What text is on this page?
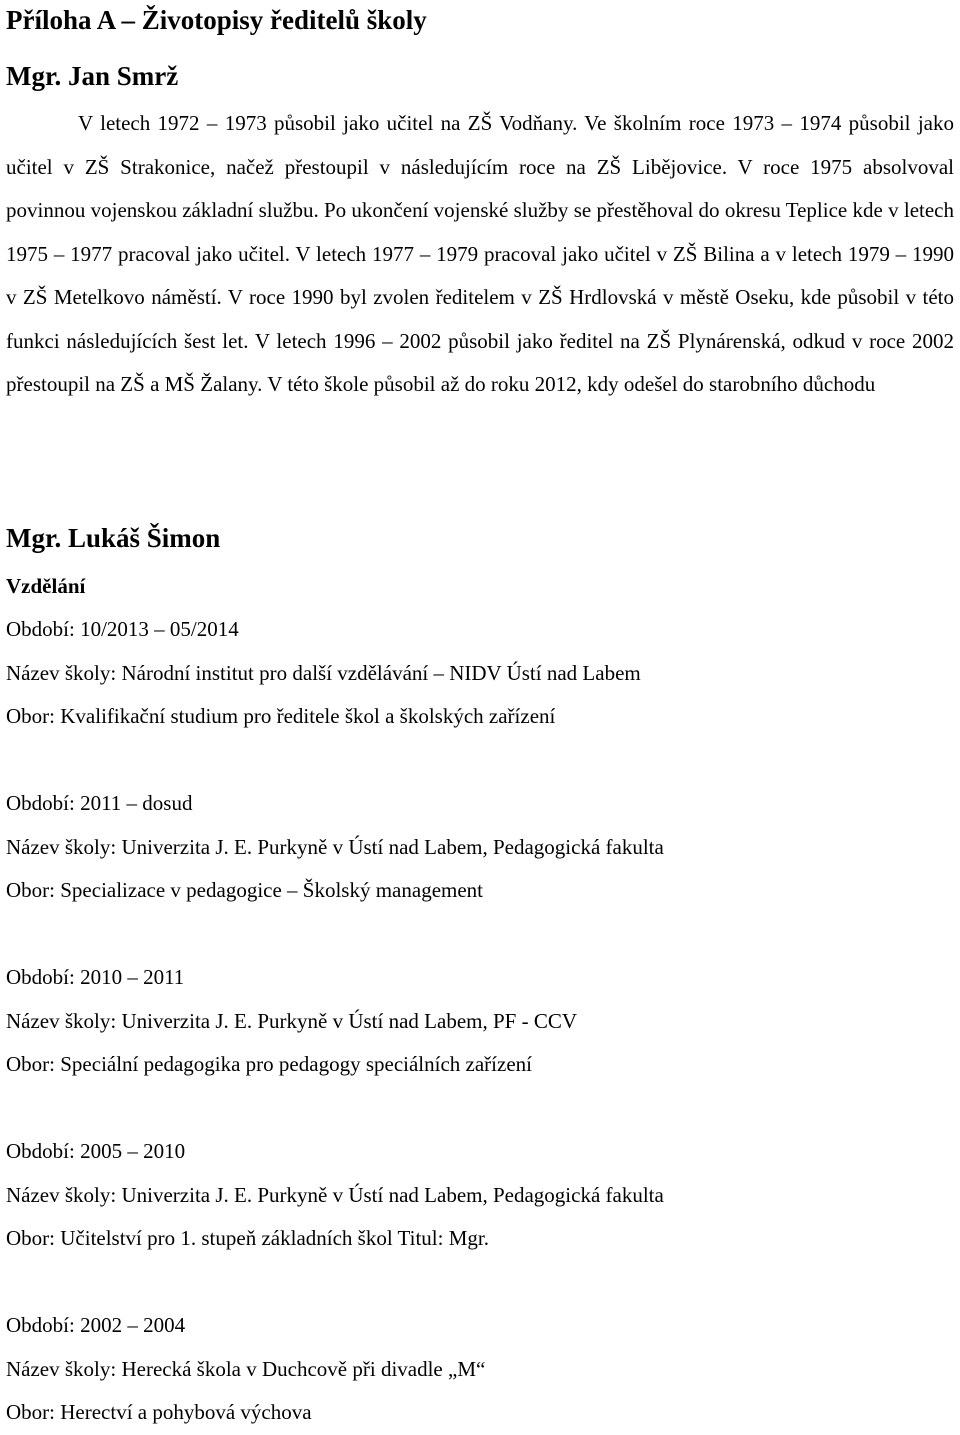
Příloha A – Životopisy ředitelů školy
Mgr. Jan Smrž

V letech 1972 – 1973 působil jako učitel na ZŠ Vodňany. Ve školním roce 1973 – 1974 působil jako učitel v ZŠ Strakonice, načež přestoupil v následujícím roce na ZŠ Libějovice. V roce 1975 absolvoval povinnou vojenskou základní službu. Po ukončení vojenské služby se přestěhoval do okresu Teplice kde v letech 1975 – 1977 pracoval jako učitel. V letech 1977 – 1979 pracoval jako učitel v ZŠ Bilina a v letech 1979 – 1990 v ZŠ Metelkovo náměstí. V roce 1990 byl zvolen ředitelem v ZŠ Hrdlovská v městě Oseku, kde působil v této funkci následujících šest let. V letech 1996 – 2002 působil jako ředitel na ZŠ Plynárenská, odkud v roce 2002 přestoupil na ZŠ a MŠ Žalany. V této škole působil až do roku 2012, kdy odešel do starobního důchodu

Mgr. Lukáš Šimon
Vzdělání
Období: 10/2013 – 05/2014
Název školy: Národní institut pro další vzdělávání – NIDV Ústí nad Labem
Obor: Kvalifikační studium pro ředitele škol a školských zařízení
Období: 2011 – dosud
Název školy: Univerzita J. E. Purkyně v Ústí nad Labem, Pedagogická fakulta
Obor: Specializace v pedagogice – Školský management
Období: 2010 – 2011
Název školy: Univerzita J. E. Purkyně v Ústí nad Labem, PF - CCV
Obor: Speciální pedagogika pro pedagogy speciálních zařízení
Období: 2005 – 2010
Název školy: Univerzita J. E. Purkyně v Ústí nad Labem, Pedagogická fakulta
Obor: Učitelství pro 1. stupeň základních škol Titul: Mgr.
Období: 2002 – 2004
Název školy: Herecká škola v Duchcově při divadle „M“
Obor: Herectví a pohybová výchova
